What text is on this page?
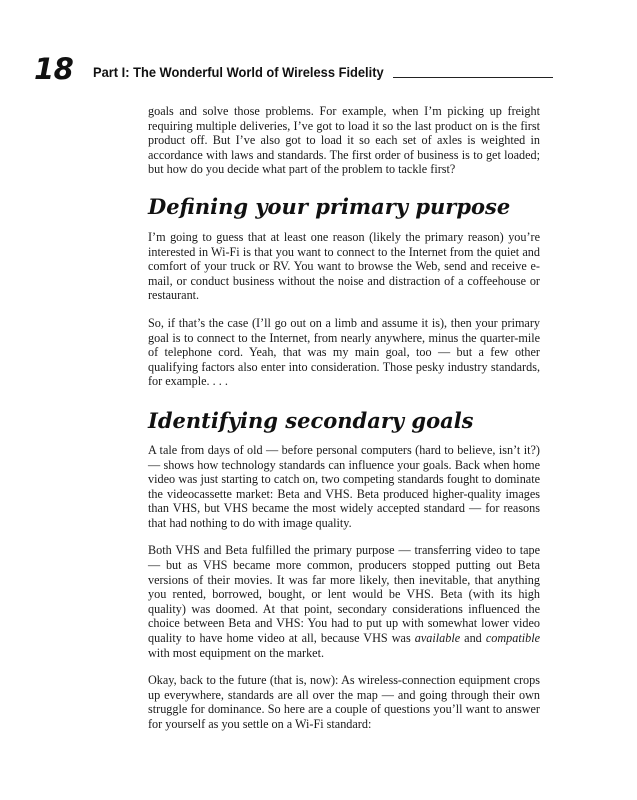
18 Part I: The Wonderful World of Wireless Fidelity

goals and solve those problems. For example, when I’m picking up freight requiring multiple deliveries, I’ve got to load it so the last product on is the first product off. But I’ve also got to load it so each set of axles is weighted in accordance with laws and standards. The first order of business is to get loaded; but how do you decide what part of the problem to tackle first?

Defining your primary purpose

I’m going to guess that at least one reason (likely the primary reason) you’re interested in Wi-Fi is that you want to connect to the Internet from the quiet and comfort of your truck or RV. You want to browse the Web, send and receive e-mail, or conduct business without the noise and distraction of a coffeehouse or restaurant.

So, if that’s the case (I’ll go out on a limb and assume it is), then your primary goal is to connect to the Internet, from nearly anywhere, minus the quarter-mile of telephone cord. Yeah, that was my main goal, too — but a few other qualifying factors also enter into consideration. Those pesky industry standards, for example. . . .

Identifying secondary goals

A tale from days of old — before personal computers (hard to believe, isn’t it?) — shows how technology standards can influence your goals. Back when home video was just starting to catch on, two competing standards fought to dominate the videocassette market: Beta and VHS. Beta produced higher-quality images than VHS, but VHS became the most widely accepted standard — for reasons that had nothing to do with image quality.

Both VHS and Beta fulfilled the primary purpose — transferring video to tape — but as VHS became more common, producers stopped putting out Beta versions of their movies. It was far more likely, then inevitable, that anything you rented, borrowed, bought, or lent would be VHS. Beta (with its high quality) was doomed. At that point, secondary considerations influenced the choice between Beta and VHS: You had to put up with somewhat lower video quality to have home video at all, because VHS was available and compatible with most equipment on the market.

Okay, back to the future (that is, now): As wireless-connection equipment crops up everywhere, standards are all over the map — and going through their own struggle for dominance. So here are a couple of questions you’ll want to answer for yourself as you settle on a Wi-Fi standard:
